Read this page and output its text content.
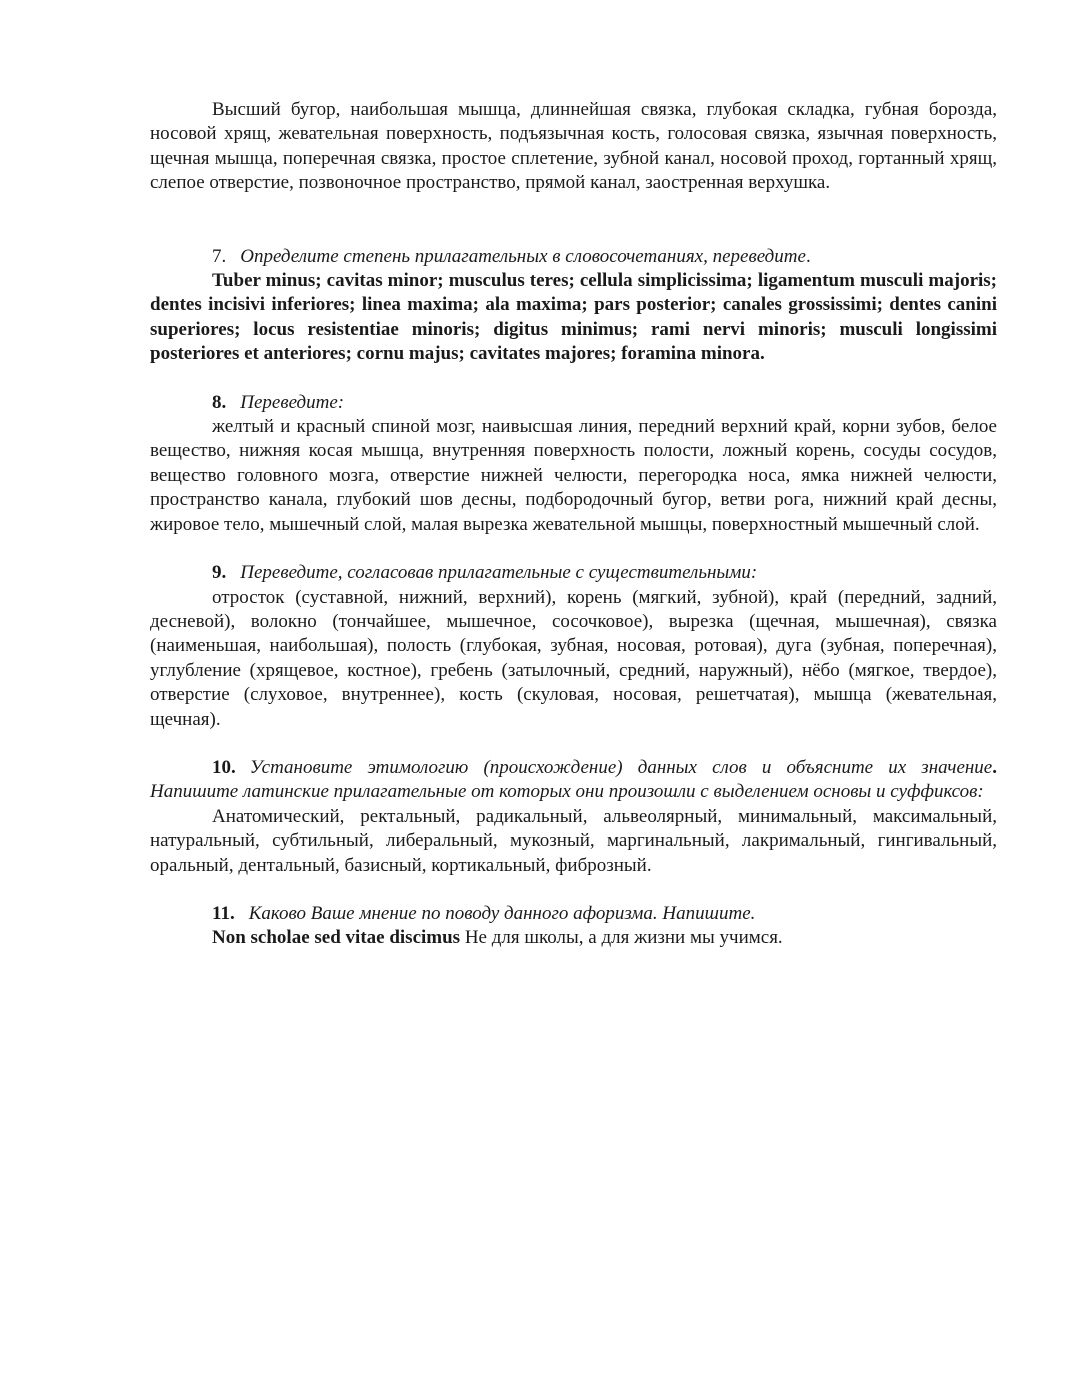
Высший бугор, наибольшая мышца, длиннейшая связка, глубокая складка, губная борозда, носовой хрящ, жевательная поверхность, подъязычная кость, голосовая связка, язычная поверхность, щечная мышца, поперечная связка, простое сплетение, зубной канал, носовой проход, гортанный хрящ, слепое отверстие, позвоночное пространство, прямой канал, заостренная верхушка.

7. Определите степень прилагательных в словосочетаниях, переведите.

Tuber minus; cavitas minor; musculus teres; cellula simplicissima; ligamentum musculi majoris; dentes incisivi inferiores; linea maxima; ala maxima; pars posterior; canales grossissimi; dentes canini superiores; locus resistentiae minoris; digitus minimus; rami nervi minoris; musculi longissimi posteriores et anteriores; cornu majus; cavitates majores; foramina minora.

8. Переведите:

желтый и красный спиной мозг, наивысшая линия, передний верхний край, корни зубов, белое вещество, нижняя косая мышца, внутренняя поверхность полости, ложный корень, сосуды сосудов, вещество головного мозга, отверстие нижней челюсти, перегородка носа, ямка нижней челюсти, пространство канала, глубокий шов десны, подбородочный бугор, ветви рога, нижний край десны, жировое тело, мышечный слой, малая вырезка жевательной мышцы, поверхностный мышечный слой.

9. Переведите, согласовав прилагательные с существительными:

отросток (суставной, нижний, верхний), корень (мягкий, зубной), край (передний, задний, десневой), волокно (тончайшее, мышечное, сосочковое), вырезка (щечная, мышечная), связка (наименьшая, наибольшая), полость (глубокая, зубная, носовая, ротовая), дуга (зубная, поперечная), углубление (хрящевое, костное), гребень (затылочный, средний, наружный), нёбо (мягкое, твердое), отверстие (слуховое, внутреннее), кость (скуловая, носовая, решетчатая), мышца (жевательная, щечная).

10. Установите этимологию (происхождение) данных слов и объясните их значение. Напишите латинские прилагательные от которых они произошли с выделением основы и суффиксов:

Анатомический, ректальный, радикальный, альвеолярный, минимальный, максимальный, натуральный, субтильный, либеральный, мукозный, маргинальный, лакримальный, гингивальный, оральный, дентальный, базисный, кортикальный, фиброзный.

11. Каково Ваше мнение по поводу данного афоризма. Напишите.

Non scholae sed vitae discimus Не для школы, а для жизни мы учимся.
